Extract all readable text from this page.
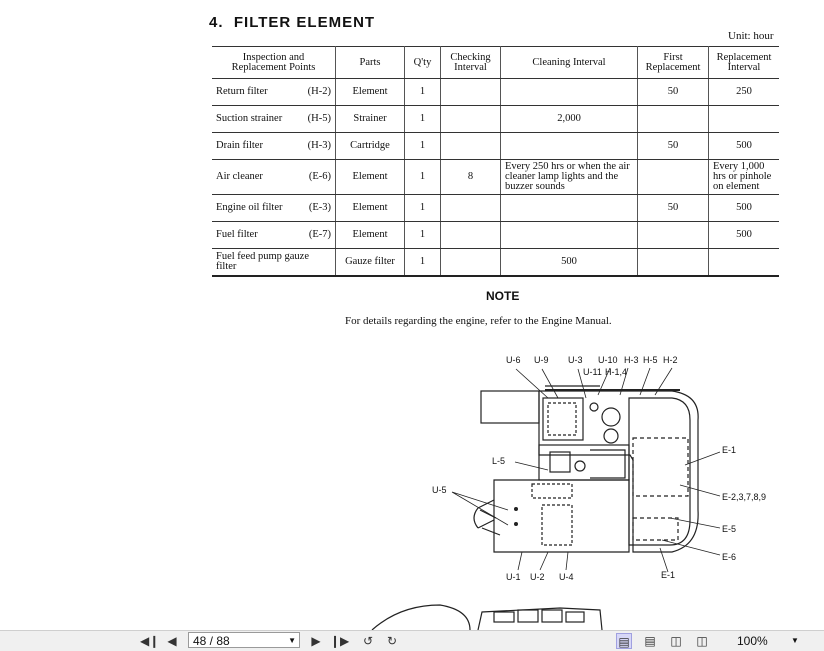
4. FILTER ELEMENT
Unit: hour
Inspection and Replacement Points	Parts	Q'ty	Checking Interval	Cleaning Interval	First Replacement	Replacement Interval
Return filter (H-2)	Element	1			50	250
Suction strainer (H-5)	Strainer	1		2,000		
Drain filter (H-3)	Cartridge	1			50	500
Air cleaner (E-6)	Element	1	8	Every 250 hrs or when the air cleaner lamp lights and the buzzer sounds		Every 1,000 hrs or pinhole on element
Engine oil filter (E-3)	Element	1			50	500
Fuel filter (E-7)	Element	1				500
Fuel feed pump gauze filter	Gauze filter	1		500		
NOTE
For details regarding the engine, refer to the Engine Manual.
U-6 U-9 U-3 U-10 H-3 H-5 H-2
U-11 H-1,4
L-5
U-5
E-1
E-2,3,7,8,9
E-5
E-6
E-1
U-1 U-2 U-4
◀❙ ◀	48 / 88	▼ ▶ ❙▶ ↺ ↻	▤ ▤ ◫ ◫ 100%	▼
